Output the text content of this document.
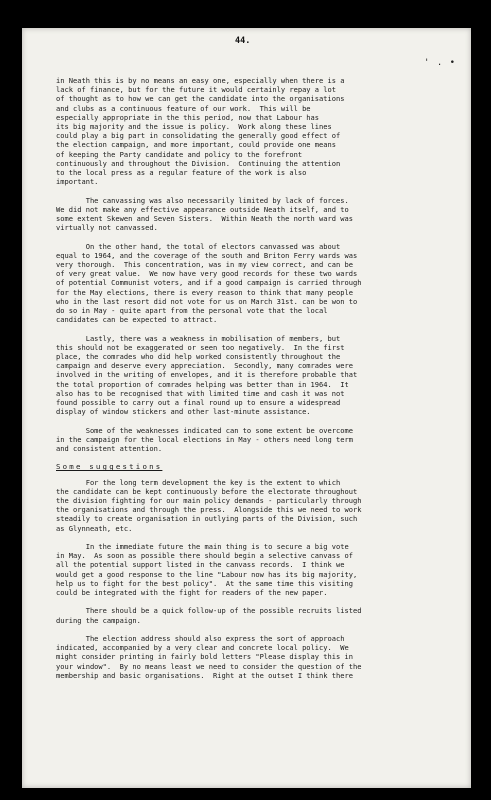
44.
' . •
in Neath this is by no means an easy one, especially when there is a
lack of finance, but for the future it would certainly repay a lot
of thought as to how we can get the candidate into the organisations
and clubs as a continuous feature of our work.  This will be
especially appropriate in the this period, now that Labour has
its big majority and the issue is policy.  Work along these lines
could play a big part in consolidating the generally good effect of
the election campaign, and more important, could provide one means
of keeping the Party candidate and policy to the forefront
continuously and throughout the Division.  Continuing the attention
to the local press as a regular feature of the work is also
important.
The canvassing was also necessarily limited by lack of forces.
We did not make any effective appearance outside Neath itself, and to
some extent Skewen and Seven Sisters.  Within Neath the north ward was
virtually not canvassed.
On the other hand, the total of electors canvassed was about
equal to 1964, and the coverage of the south and Briton Ferry wards was
very thorough.  This concentration, was in my view correct, and can be
of very great value.  We now have very good records for these two wards
of potential Communist voters, and if a good campaign is carried through
for the May elections, there is every reason to think that many people
who in the last resort did not vote for us on March 31st. can be won to
do so in May - quite apart from the personal vote that the local
candidates can be expected to attract.
Lastly, there was a weakness in mobilisation of members, but
this should not be exaggerated or seen too negatively.  In the first
place, the comrades who did help worked consistently throughout the
campaign and deserve every appreciation.  Secondly, many comrades were
involved in the writing of envelopes, and it is therefore probable that
the total proportion of comrades helping was better than in 1964.  It
also has to be recognised that with limited time and cash it was not
found possible to carry out a final round up to ensure a widespread
display of window stickers and other last-minute assistance.
Some of the weaknesses indicated can to some extent be overcome
in the campaign for the local elections in May - others need long term
and consistent attention.
Some suggestions
For the long term development the key is the extent to which
the candidate can be kept continuously before the electorate throughout
the division fighting for our main policy demands - particularly through
the organisations and through the press.  Alongside this we need to work
steadily to create organisation in outlying parts of the Division, such
as Glynneath, etc.
In the immediate future the main thing is to secure a big vote
in May.  As soon as possible there should begin a selective canvass of
all the potential support listed in the canvass records.  I think we
would get a good response to the line "Labour now has its big majority,
help us to fight for the best policy".  At the same time this visiting
could be integrated with the fight for readers of the new paper.
There should be a quick follow-up of the possible recruits listed
during the campaign.
The election address should also express the sort of approach
indicated, accompanied by a very clear and concrete local policy.  We
might consider printing in fairly bold letters "Please display this in
your window".  By no means least we need to consider the question of the
membership and basic organisations.  Right at the outset I think there
